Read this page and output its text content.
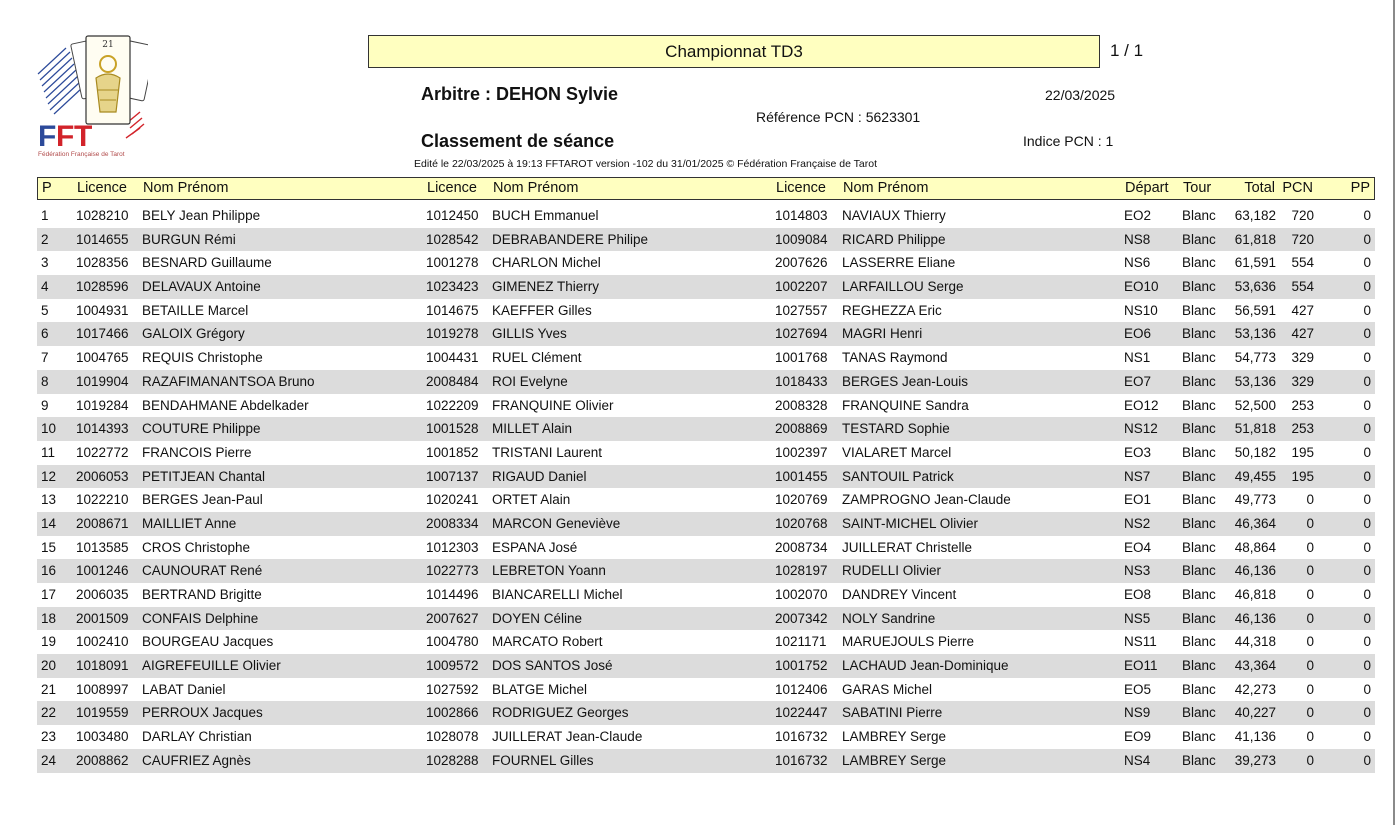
21
F F T
Fédération Française de Tarot
Championnat TD3	1 / 1
Arbitre : DEHON Sylvie	22/03/2025
Référence PCN : 5623301
Classement de séance	Indice PCN : 1
Edité le 22/03/2025 à 19:13 FFTAROT version -102 du 31/01/2025 © Fédération Française de Tarot
P Licence Nom Prénom	Licence Nom Prénom	Licence Nom Prénom	Départ Tour Total PCN	PP
1 1028210 BELY Jean Philippe	1012450 BUCH Emmanuel	1014803 NAVIAUX Thierry	EO2 Blanc 63,182 720	0
2 1014655 BURGUN Rémi	1028542 DEBRABANDERE Philipe	1009084 RICARD Philippe	NS8 Blanc 61,818 720	0
3 1028356 BESNARD Guillaume	1001278 CHARLON Michel	2007626 LASSERRE Eliane	NS6 Blanc 61,591 554	0
4 1028596 DELAVAUX Antoine	1023423 GIMENEZ Thierry	1002207 LARFAILLOU Serge	EO10 Blanc 53,636 554	0
5 1004931 BETAILLE Marcel	1014675 KAEFFER Gilles	1027557 REGHEZZA Eric	NS10 Blanc 56,591 427	0
6 1017466 GALOIX Grégory	1019278 GILLIS Yves	1027694 MAGRI Henri	EO6 Blanc 53,136 427	0
7 1004765 REQUIS Christophe	1004431 RUEL Clément	1001768 TANAS Raymond	NS1 Blanc 54,773 329	0
8 1019904 RAZAFIMANANTSOA Bruno	2008484 ROI Evelyne	1018433 BERGES Jean-Louis	EO7 Blanc 53,136 329	0
9 1019284 BENDAHMANE Abdelkader	1022209 FRANQUINE Olivier	2008328 FRANQUINE Sandra	EO12 Blanc 52,500 253	0
10 1014393 COUTURE Philippe	1001528 MILLET Alain	2008869 TESTARD Sophie	NS12 Blanc 51,818 253	0
11 1022772 FRANCOIS Pierre	1001852 TRISTANI Laurent	1002397 VIALARET Marcel	EO3 Blanc 50,182 195	0
12 2006053 PETITJEAN Chantal	1007137 RIGAUD Daniel	1001455 SANTOUIL Patrick	NS7 Blanc 49,455 195	0
13 1022210 BERGES Jean-Paul	1020241 ORTET Alain	1020769 ZAMPROGNO Jean-Claude	EO1 Blanc 49,773 0	0
14 2008671 MAILLIET Anne	2008334 MARCON Geneviève	1020768 SAINT-MICHEL Olivier	NS2 Blanc 46,364 0	0
15 1013585 CROS Christophe	1012303 ESPANA José	2008734 JUILLERAT Christelle	EO4 Blanc 48,864 0	0
16 1001246 CAUNOURAT René	1022773 LEBRETON Yoann	1028197 RUDELLI Olivier	NS3 Blanc 46,136 0	0
17 2006035 BERTRAND Brigitte	1014496 BIANCARELLI Michel	1002070 DANDREY Vincent	EO8 Blanc 46,818 0	0
18 2001509 CONFAIS Delphine	2007627 DOYEN Céline	2007342 NOLY Sandrine	NS5 Blanc 46,136 0	0
19 1002410 BOURGEAU Jacques	1004780 MARCATO Robert	1021171 MARUEJOULS Pierre	NS11 Blanc 44,318 0	0
20 1018091 AIGREFEUILLE Olivier	1009572 DOS SANTOS José	1001752 LACHAUD Jean-Dominique	EO11 Blanc 43,364 0	0
21 1008997 LABAT Daniel	1027592 BLATGE Michel	1012406 GARAS Michel	EO5 Blanc 42,273 0	0
22 1019559 PERROUX Jacques	1002866 RODRIGUEZ Georges	1022447 SABATINI Pierre	NS9 Blanc 40,227 0	0
23 1003480 DARLAY Christian	1028078 JUILLERAT Jean-Claude	1016732 LAMBREY Serge	EO9 Blanc 41,136 0	0
24 2008862 CAUFRIEZ Agnès	1028288 FOURNEL Gilles	1016732 LAMBREY Serge	NS4 Blanc 39,273 0	0
